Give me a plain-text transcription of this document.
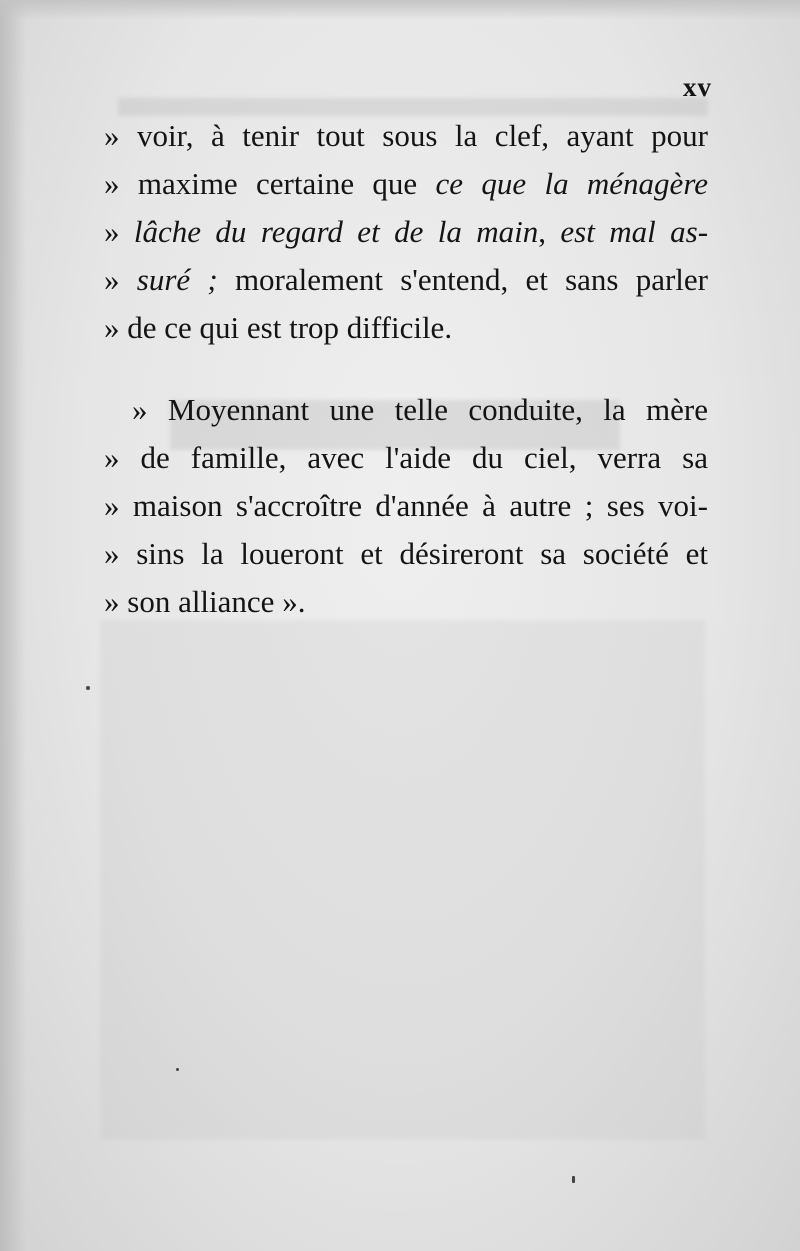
xv
» voir, à tenir tout sous la clef, ayant pour
» maxime certaine que ce que la ménagère
» lâche du regard et de la main, est mal as-
» suré ; moralement s'entend, et sans parler
» de ce qui est trop difficile.
» Moyennant une telle conduite, la mère
» de famille, avec l'aide du ciel, verra sa
» maison s'accroître d'année à autre ; ses voi-
» sins la loueront et désireront sa société et
» son alliance ».
